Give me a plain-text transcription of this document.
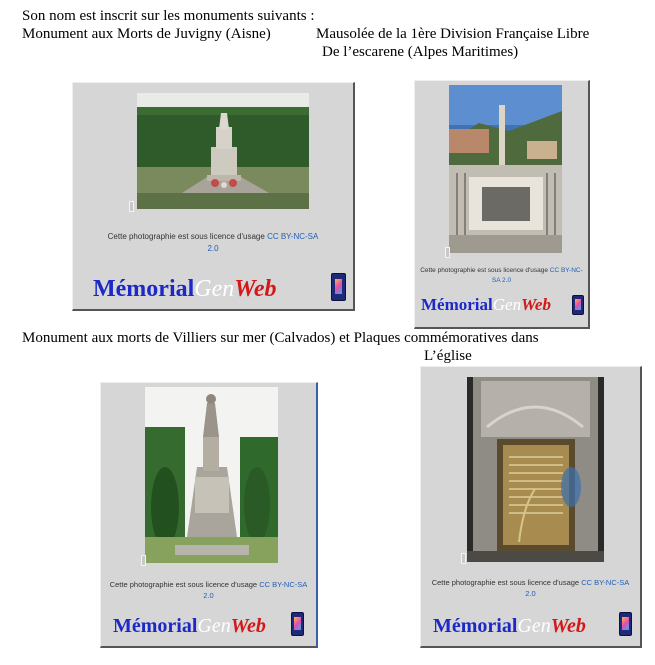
Son nom est inscrit sur les monuments suivants :
Monument aux Morts de Juvigny (Aisne)	Mausolée de la 1ère Division Française Libre
De l’escarene (Alpes Maritimes)
Monument aux morts de Villiers sur mer (Calvados) et Plaques commémoratives dans
L’église
Cette photographie est sous licence d'usage CC BY-NC-SA
2.0
MémorialGenWeb
Cette photographie est sous licence d'usage CC BY-NC-
SA 2.0
MémorialGenWeb
Cette photographie est sous licence d'usage CC BY-NC-SA
2.0
MémorialGenWeb
Cette photographie est sous licence d'usage CC BY-NC-SA
2.0
MémorialGenWeb
